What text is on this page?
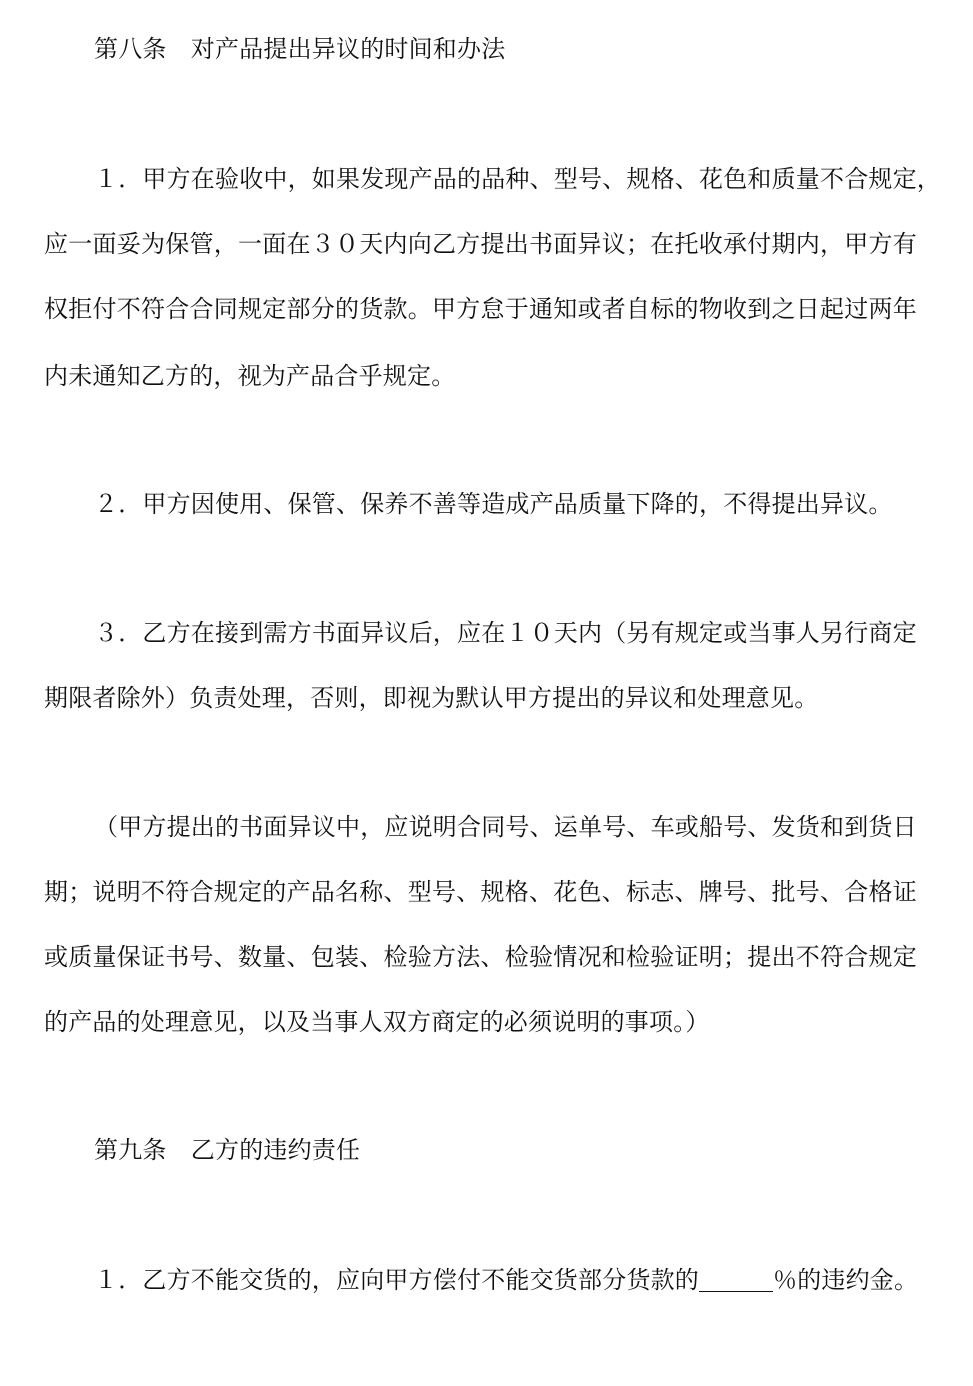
第八条　对产品提出异议的时间和办法
１．甲方在验收中，如果发现产品的品种、型号、规格、花色和质量不合规定，
应一面妥为保管，一面在３０天内向乙方提出书面异议；在托收承付期内，甲方有
权拒付不符合合同规定部分的货款。甲方怠于通知或者自标的物收到之日起过两年
内未通知乙方的，视为产品合乎规定。
２．甲方因使用、保管、保养不善等造成产品质量下降的，不得提出异议。
３．乙方在接到需方书面异议后，应在１０天内（另有规定或当事人另行商定
期限者除外）负责处理，否则，即视为默认甲方提出的异议和处理意见。
（甲方提出的书面异议中，应说明合同号、运单号、车或船号、发货和到货日
期；说明不符合规定的产品名称、型号、规格、花色、标志、牌号、批号、合格证
或质量保证书号、数量、包装、检验方法、检验情况和检验证明；提出不符合规定
的产品的处理意见，以及当事人双方商定的必须说明的事项。）
第九条　乙方的违约责任
１．乙方不能交货的，应向甲方偿付不能交货部分货款的	％的违约金。
